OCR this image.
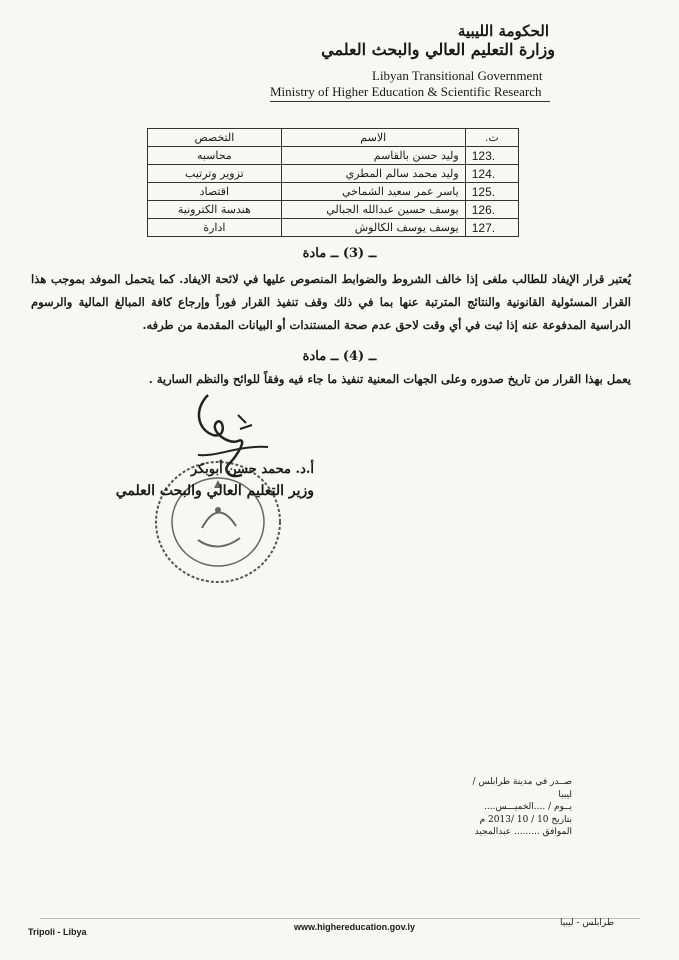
الحكومة الليبية
وزارة التعليم العالي والبحث العلمي
Libyan Transitional Government
Ministry of Higher Education & Scientific Research
ت.	الاسم	التخصص
123.	وليد حسن بالقاسم	محاسبه
124.	وليد محمد سالم المطري	تزوير وترتيب
125.	ياسر عمر سعيد الشماخي	اقتصاد
126.	يوسف حسين عبدالله الجبالي	هندسة الكترونية
127.	يوسف يوسف الكالوش	ادارة
ــ (3) ــ مادة
يُعتبر قرار الإيفاد للطالب ملغى إذا خالف الشروط والضوابط المنصوص عليها في لائحة الايفاد. كما يتحمل الموفد بموجب هذا القرار المسئولية القانونية والنتائج المترتبة عنها بما في ذلك وقف تنفيذ القرار فوراً وإرجاع كافة المبالغ المالية والرسوم الدراسية المدفوعة عنه إذا ثبت في أي وقت لاحق عدم صحة المستندات أو البيانات المقدمة من طرفه.
ــ (4) ــ مادة
يعمل بهذا القرار من تاريخ صدوره وعلى الجهات المعنية تنفيذ ما جاء فيه وفقاً للوائح والنظم السارية .
أ.د. محمد حسن أبوبكر
وزير التعليم العالي والبحث العلمي
صــدر في مدينة طرابلس / ليبيا
يــوم / ....الخميـــس....
بتاريخ 10 / 10 /2013 م
الموافق ......... عبدالمجيد
Tripoli - Libya	www.highereducation.gov.ly	طرابلس - ليبيا
